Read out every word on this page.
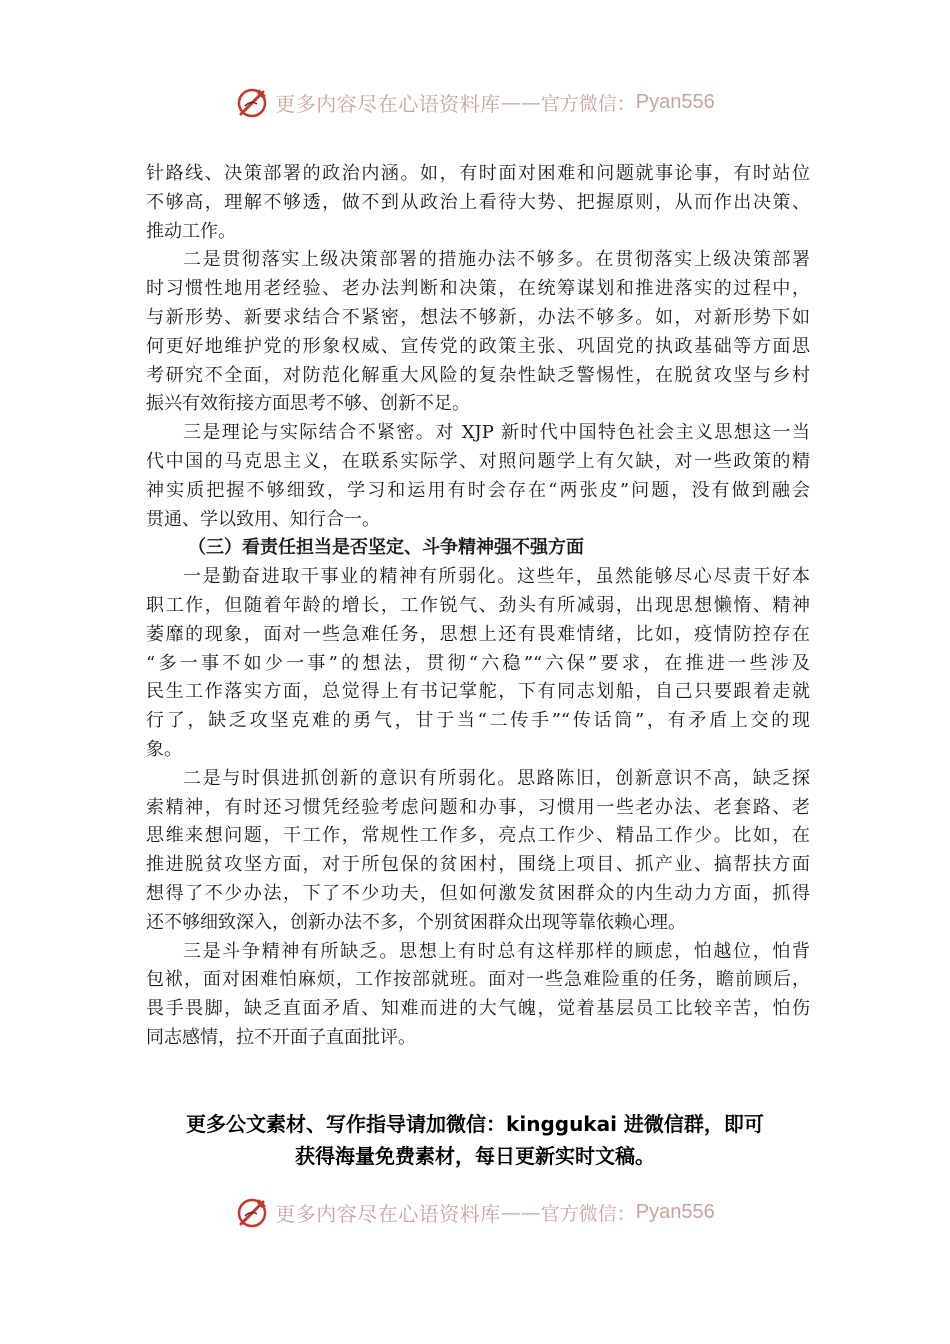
更多内容尽在心语资料库 —— 官方微信： Pyan556
针路线、决策部署的政治内涵。如，有时面对困难和问题就事论事，有时站位
不够高，理解不够透，做不到从政治上看待大势、把握原则，从而作出决策、
推动工作。
二是贯彻落实上级决策部署的措施办法不够多。在贯彻落实上级决策部署
时习惯性地用老经验、老办法判断和决策，在统筹谋划和推进落实的过程中，
与新形势、新要求结合不紧密，想法不够新，办法不够多。如，对新形势下如
何更好地维护党的形象权威、宣传党的政策主张、巩固党的执政基础等方面思
考研究不全面，对防范化解重大风险的复杂性缺乏警惕性，在脱贫攻坚与乡村
振兴有效衔接方面思考不够、创新不足。
三是理论与实际结合不紧密。对 XJP 新时代中国特色社会主义思想这一当
代中国的马克思主义，在联系实际学、对照问题学上有欠缺，对一些政策的精
神实质把握不够细致，学习和运用有时会存在“两张皮”问题，没有做到融会
贯通、学以致用、知行合一。
（三）看责任担当是否坚定、斗争精神强不强方面
一是勤奋进取干事业的精神有所弱化。这些年，虽然能够尽心尽责干好本
职工作，但随着年龄的增长，工作锐气、劲头有所减弱，出现思想懒惰、精神
萎靡的现象，面对一些急难任务，思想上还有畏难情绪，比如，疫情防控存在
“多一事不如少一事”的想法，贯彻“六稳”“六保”要求，在推进一些涉及
民生工作落实方面，总觉得上有书记掌舵，下有同志划船，自己只要跟着走就
行了，缺乏攻坚克难的勇气，甘于当“二传手”“传话筒”，有矛盾上交的现
象。
二是与时俱进抓创新的意识有所弱化。思路陈旧，创新意识不高，缺乏探
索精神，有时还习惯凭经验考虑问题和办事，习惯用一些老办法、老套路、老
思维来想问题，干工作，常规性工作多，亮点工作少、精品工作少。比如，在
推进脱贫攻坚方面，对于所包保的贫困村，围绕上项目、抓产业、搞帮扶方面
想得了不少办法，下了不少功夫，但如何激发贫困群众的内生动力方面，抓得
还不够细致深入，创新办法不多，个别贫困群众出现等靠依赖心理。
三是斗争精神有所缺乏。思想上有时总有这样那样的顾虑，怕越位，怕背
包袱，面对困难怕麻烦，工作按部就班。面对一些急难险重的任务，瞻前顾后，
畏手畏脚，缺乏直面矛盾、知难而进的大气魄，觉着基层员工比较辛苦，怕伤
同志感情，拉不开面子直面批评。
更多公文素材、写作指导请加微信：kinggukai 进微信群，即可
获得海量免费素材，每日更新实时文稿。
更多内容尽在心语资料库 —— 官方微信： Pyan556
